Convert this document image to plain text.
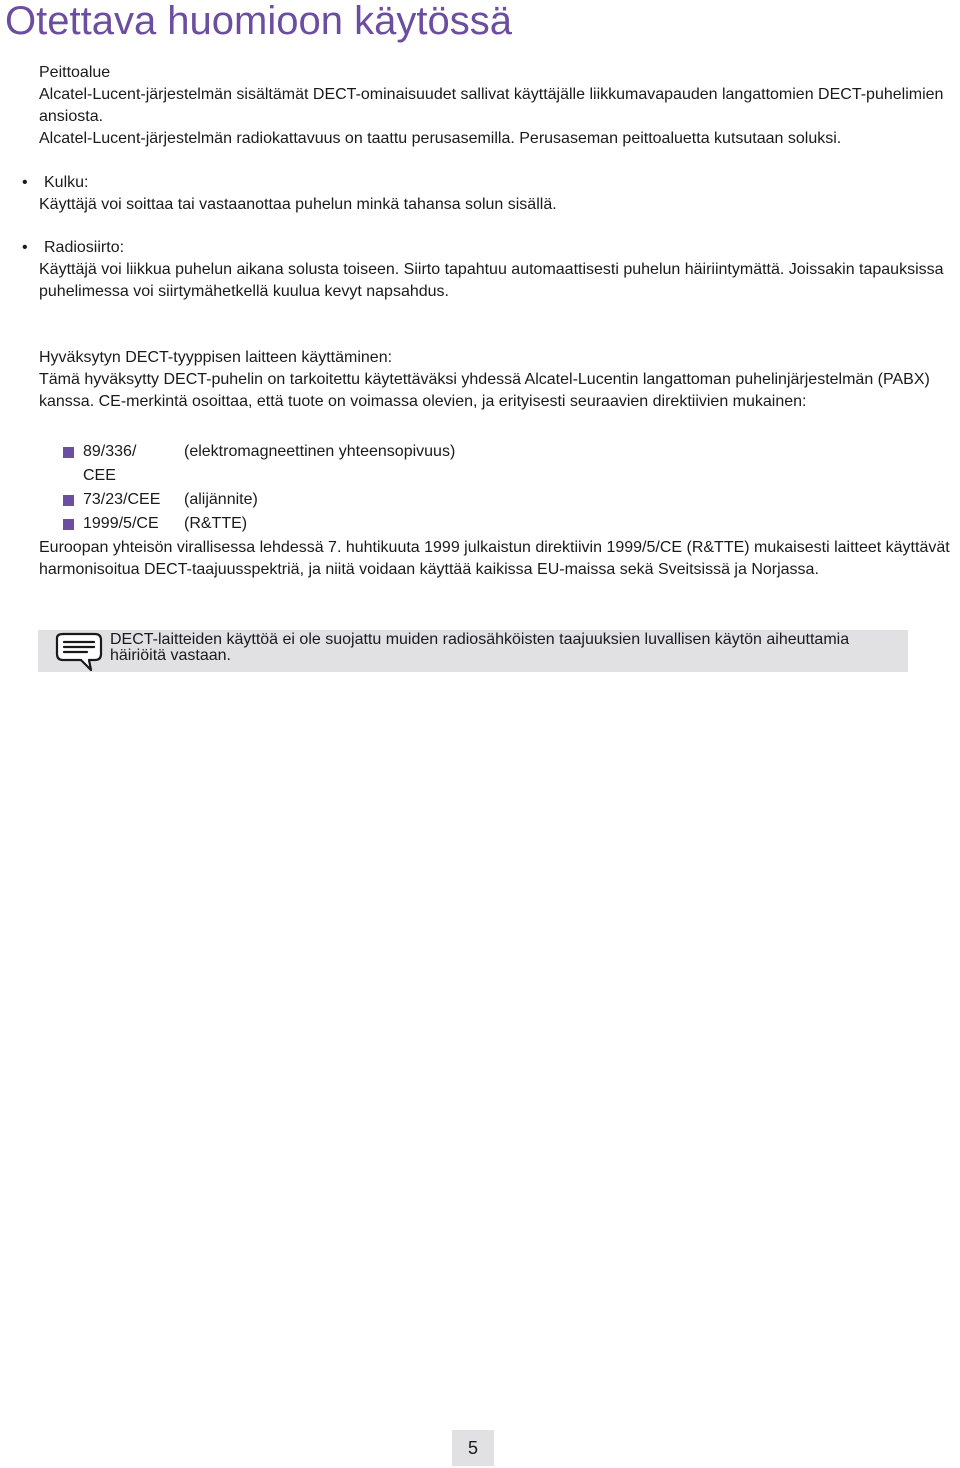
Otettava huomioon käytössä
Peittoalue
Alcatel-Lucent-järjestelmän sisältämät DECT-ominaisuudet sallivat käyttäjälle liikkumavapauden langattomien DECT-puhelimien ansiosta.
Alcatel-Lucent-järjestelmän radiokattavuus on taattu perusasemilla. Perusaseman peittoaluetta kutsutaan soluksi.
• Kulku:
Käyttäjä voi soittaa tai vastaanottaa puhelun minkä tahansa solun sisällä.
• Radiosiirto:
Käyttäjä voi liikkua puhelun aikana solusta toiseen. Siirto tapahtuu automaattisesti puhelun häiriintymättä. Joissakin tapauksissa puhelimessa voi siirtymähetkellä kuulua kevyt napsahdus.
Hyväksytyn DECT-tyyppisen laitteen käyttäminen:
Tämä hyväksytty DECT-puhelin on tarkoitettu käytettäväksi yhdessä Alcatel-Lucentin langattoman puhelinjärjestelmän (PABX) kanssa. CE-merkintä osoittaa, että tuote on voimassa olevien, ja erityisesti seuraavien direktiivien mukainen:
89/336/ CEE
(elektromagneettinen yhteensopivuus)
73/23/CEE	(alijännite)
1999/5/CE	(R&TTE)
Euroopan yhteisön virallisessa lehdessä 7. huhtikuuta 1999 julkaistun direktiivin 1999/5/CE (R&TTE) mukaisesti laitteet käyttävät harmonisoitua DECT-taajuusspektriä, ja niitä voidaan käyttää kaikissa EU-maissa sekä Sveitsissä ja Norjassa.
DECT-laitteiden käyttöä ei ole suojattu muiden radiosähköisten taajuuksien luvallisen käytön aiheuttamia häiriöitä vastaan.
5
